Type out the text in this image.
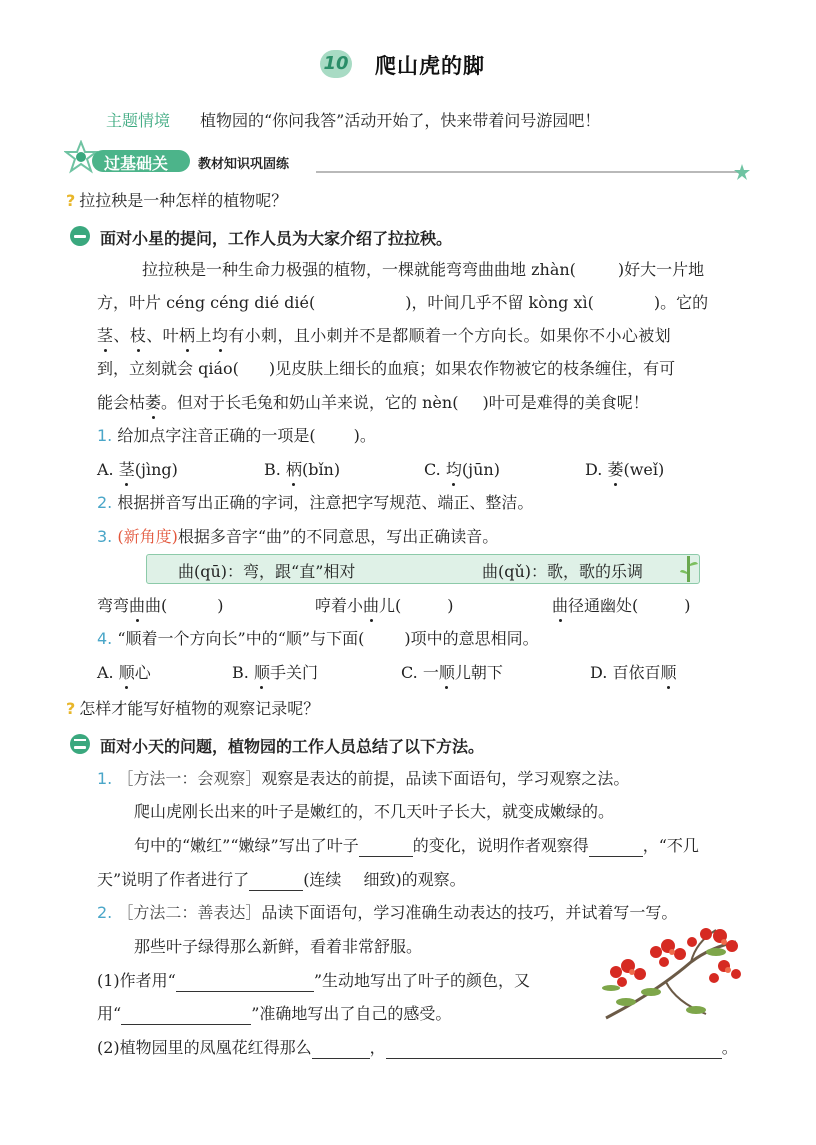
10 爬山虎的脚
主题情境 植物园的“你问我答”活动开始了，快来带着问号游园吧！
过基础关 教材知识巩固练
? 拉拉秧是一种怎样的植物呢？
面对小星的提问，工作人员为大家介绍了拉拉秧。
拉拉秧是一种生命力极强的植物，一棵就能弯弯曲曲地 zhàn(	)好大一片地
方，叶片 céng céng dié dié(	)，叶间几乎不留 kòng xì(	)。它的
茎、枝、叶柄上均有小刺，且小刺并不是都顺着一个方向长。如果你不小心被划
到，立刻就会 qiáo( )见皮肤上细长的血痕；如果农作物被它的枝条缠住，有可
能会枯萎。但对于长毛兔和奶山羊来说，它的 nèn( )叶可是难得的美食呢！
1. 给加点字注音正确的一项是( )。
A. 茎(jìng)	B. 柄(bǐn)	C. 均(jūn)	D. 萎(weǐ)
2. 根据拼音写出正确的字词，注意把字写规范、端正、整洁。
3. (新角度)根据多音字“曲”的不同意思，写出正确读音。
曲(qū)：弯，跟“直”相对	曲(qǔ)：歌，歌的乐调
弯弯曲曲(	)	哼着小曲儿(	)	曲径通幽处(	)
4. “顺着一个方向长”中的“顺”与下面(	)项中的意思相同。
A. 顺心	B. 顺手关门	C. 一顺儿朝下	D. 百依百顺
? 怎样才能写好植物的观察记录呢？
面对小天的问题，植物园的工作人员总结了以下方法。
1. ［方法一：会观察］观察是表达的前提，品读下面语句，学习观察之法。
爬山虎刚长出来的叶子是嫩红的，不几天叶子长大，就变成嫩绿的。
句中的“嫩红”“嫩绿”写出了叶子	的变化，说明作者观察得	，“不几
天”说明了作者进行了	(连续 细致)的观察。
2. ［方法二：善表达］品读下面语句，学习准确生动表达的技巧，并试着写一写。
那些叶子绿得那么新鲜，看着非常舒服。
(1)作者用“	”生动地写出了叶子的颜色，又
用“	”准确地写出了自己的感受。
(2)植物园里的凤凰花红得那么	，	。
